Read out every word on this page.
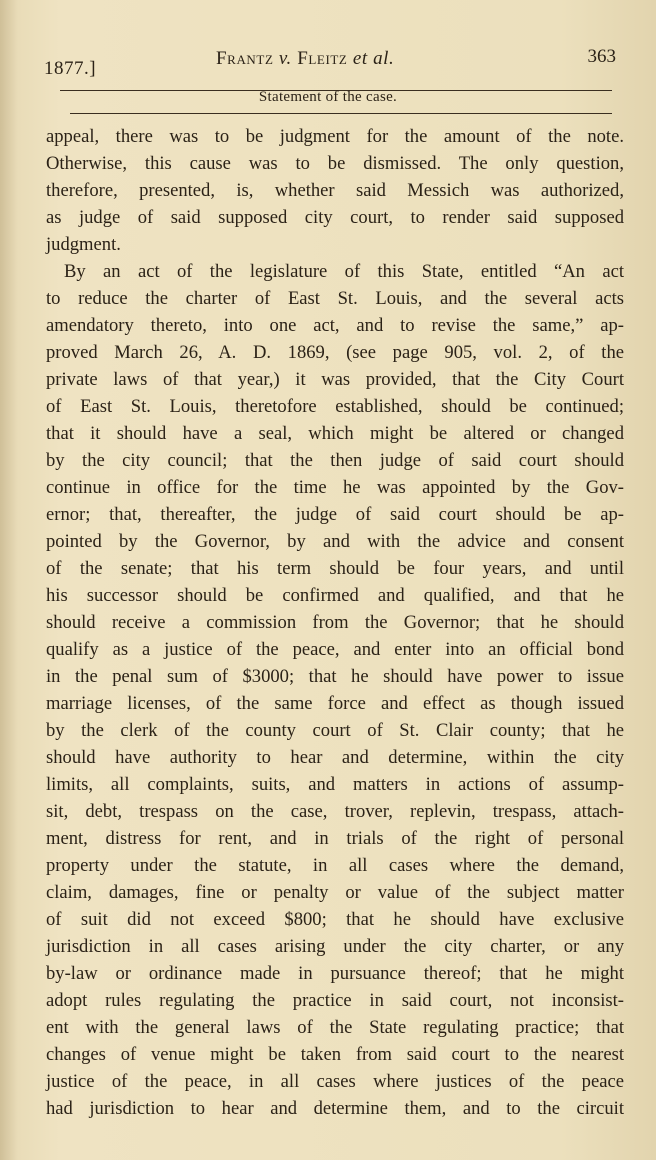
1877.]	Frantz v. Fleitz et al.	363
Statement of the case.
appeal, there was to be judgment for the amount of the note.
Otherwise, this cause was to be dismissed. The only question,
therefore, presented, is, whether said Messich was authorized,
as judge of said supposed city court, to render said supposed
judgment.
By an act of the legislature of this State, entitled “An act
to reduce the charter of East St. Louis, and the several acts
amendatory thereto, into one act, and to revise the same,” ap-
proved March 26, A. D. 1869, (see page 905, vol. 2, of the
private laws of that year,) it was provided, that the City Court
of East St. Louis, theretofore established, should be continued;
that it should have a seal, which might be altered or changed
by the city council; that the then judge of said court should
continue in office for the time he was appointed by the Gov-
ernor; that, thereafter, the judge of said court should be ap-
pointed by the Governor, by and with the advice and consent
of the senate; that his term should be four years, and until
his successor should be confirmed and qualified, and that he
should receive a commission from the Governor; that he should
qualify as a justice of the peace, and enter into an official bond
in the penal sum of $3000; that he should have power to issue
marriage licenses, of the same force and effect as though issued
by the clerk of the county court of St. Clair county; that he
should have authority to hear and determine, within the city
limits, all complaints, suits, and matters in actions of assump-
sit, debt, trespass on the case, trover, replevin, trespass, attach-
ment, distress for rent, and in trials of the right of personal
property under the statute, in all cases where the demand,
claim, damages, fine or penalty or value of the subject matter
of suit did not exceed $800; that he should have exclusive
jurisdiction in all cases arising under the city charter, or any
by-law or ordinance made in pursuance thereof; that he might
adopt rules regulating the practice in said court, not inconsist-
ent with the general laws of the State regulating practice; that
changes of venue might be taken from said court to the nearest
justice of the peace, in all cases where justices of the peace
had jurisdiction to hear and determine them, and to the circuit
